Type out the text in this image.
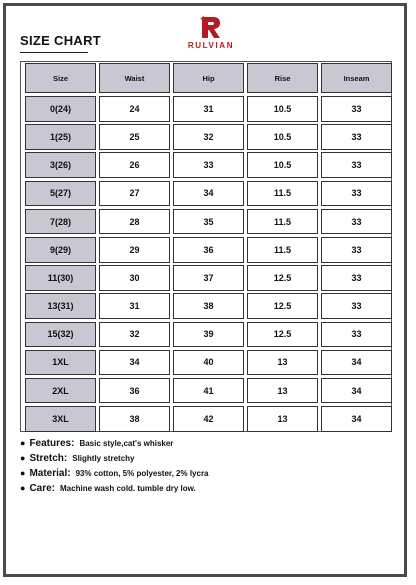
SIZE CHART	RULVIAN
Size	Waist	Hip	Rise	Inseam
0(24)	24	31	10.5	33
1(25)	25	32	10.5	33
3(26)	26	33	10.5	33
5(27)	27	34	11.5	33
7(28)	28	35	11.5	33
9(29)	29	36	11.5	33
11(30)	30	37	12.5	33
13(31)	31	38	12.5	33
15(32)	32	39	12.5	33
1XL	34	40	13	34
2XL	36	41	13	34
3XL	38	42	13	34
● Features: Basic style,cat's whisker
● Stretch: Slightly stretchy
● Material: 93% cotton, 5% polyester, 2% lycra
● Care: Machine wash cold. tumble dry low.
